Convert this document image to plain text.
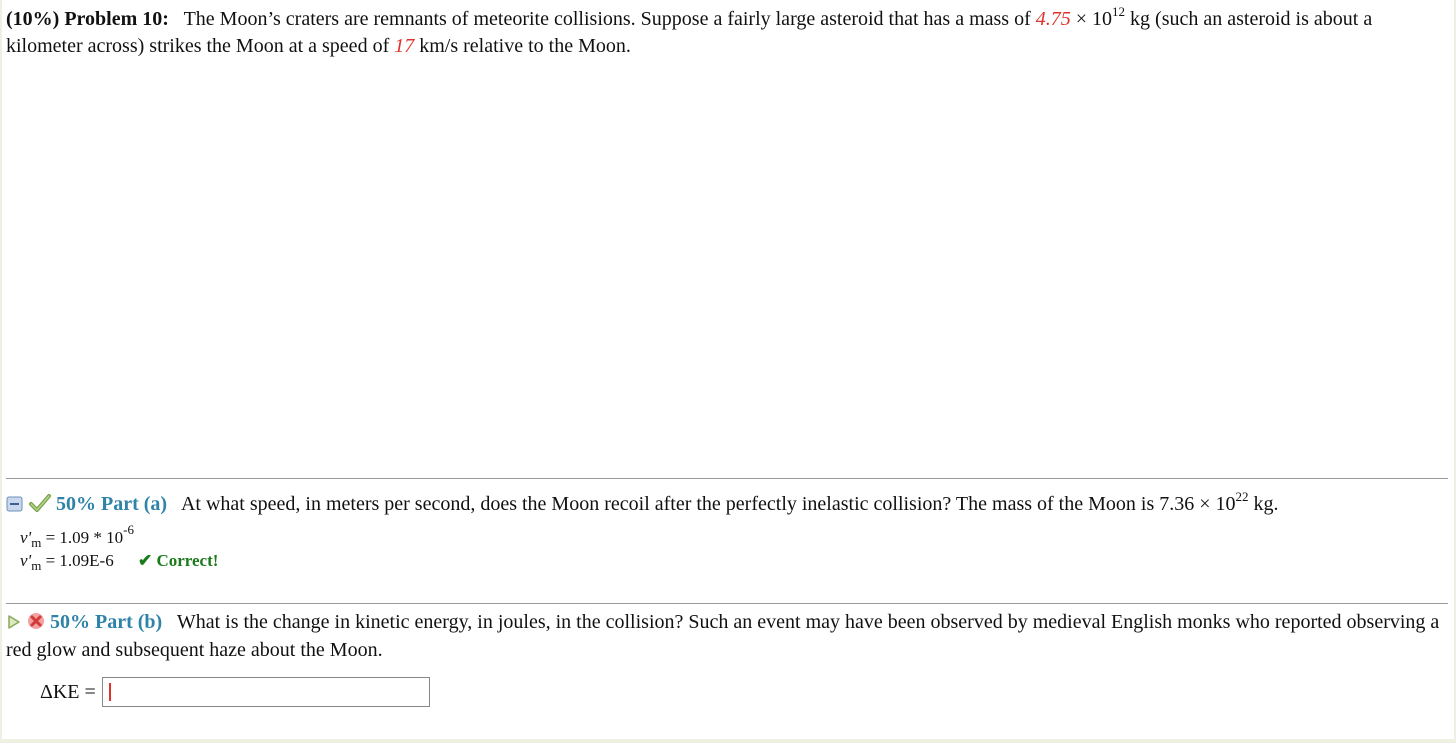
(10%) Problem 10: The Moon’s craters are remnants of meteorite collisions. Suppose a fairly large asteroid that has a mass of $4.75 \times 10^{12}$ kg (such an asteroid is about a kilometer across) strikes the Moon at a speed of 17 km/s relative to the Moon.
50% Part (a) At what speed, in meters per second, does the Moon recoil after the perfectly inelastic collision? The mass of the Moon is $7.36 \times 10^{22}$ kg.
$v'_m = 1.09 * 10^{-6}$
$v'_m = 1.09E-6$ ✔ Correct!
50% Part (b) What is the change in kinetic energy, in joules, in the collision? Such an event may have been observed by medieval English monks who reported observing a red glow and subsequent haze about the Moon.
ΔKE =
